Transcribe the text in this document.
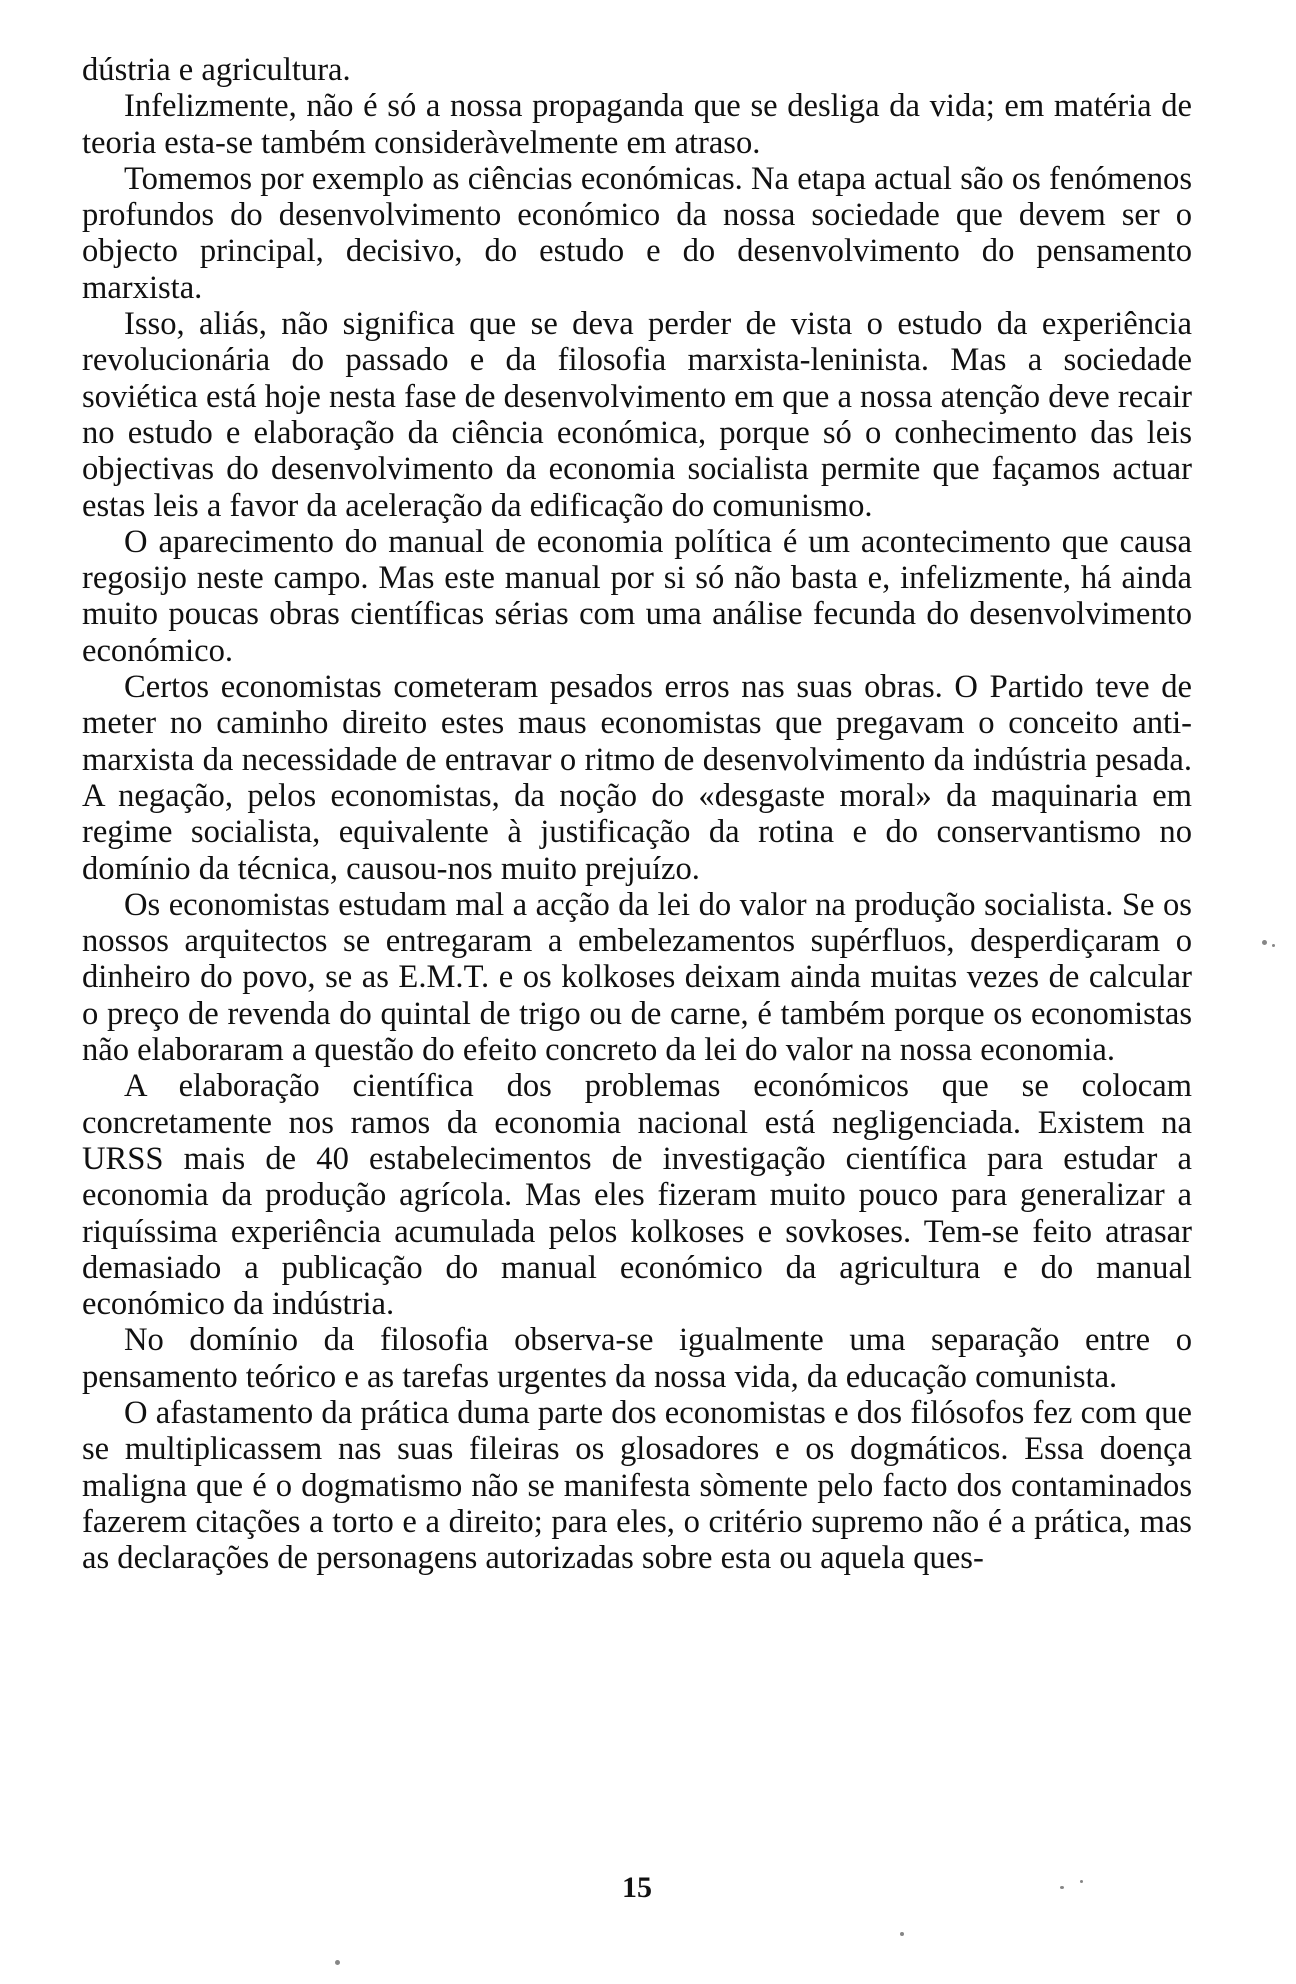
dústria e agricultura.

Infelizmente, não é só a nossa propaganda que se desliga da vida; em matéria de teoria esta-se também consideràvelmente em atraso.

Tomemos por exemplo as ciências económicas. Na etapa actual são os fenómenos profundos do desenvolvimento económico da nossa sociedade que devem ser o objecto principal, decisivo, do estudo e do desenvolvimento do pensamento marxista.

Isso, aliás, não significa que se deva perder de vista o estudo da experiência revolucionária do passado e da filosofia marxista-leninista. Mas a sociedade soviética está hoje nesta fase de desenvolvimento em que a nossa atenção deve recair no estudo e elaboração da ciência económica, porque só o conhecimento das leis objectivas do desenvolvimento da economia socialista permite que façamos actuar estas leis a favor da aceleração da edificação do comunismo.

O aparecimento do manual de economia política é um acontecimento que causa regosijo neste campo. Mas este manual por si só não basta e, infelizmente, há ainda muito poucas obras científicas sérias com uma análise fecunda do desenvolvimento económico.

Certos economistas cometeram pesados erros nas suas obras. O Partido teve de meter no caminho direito estes maus economistas que pregavam o conceito anti-marxista da necessidade de entravar o ritmo de desenvolvimento da indústria pesada. A negação, pelos economistas, da noção do «desgaste moral» da maquinaria em regime socialista, equivalente à justificação da rotina e do conservantismo no domínio da técnica, causou-nos muito prejuízo.

Os economistas estudam mal a acção da lei do valor na produção socialista. Se os nossos arquitectos se entregaram a embelezamentos supérfluos, desperdiçaram o dinheiro do povo, se as E.M.T. e os kolkoses deixam ainda muitas vezes de calcular o preço de revenda do quintal de trigo ou de carne, é também porque os economistas não elaboraram a questão do efeito concreto da lei do valor na nossa economia.

A elaboração científica dos problemas económicos que se colocam concretamente nos ramos da economia nacional está negligenciada. Existem na URSS mais de 40 estabelecimentos de investigação científica para estudar a economia da produção agrícola. Mas eles fizeram muito pouco para generalizar a riquíssima experiência acumulada pelos kolkoses e sovkoses. Tem-se feito atrasar demasiado a publicação do manual económico da agricultura e do manual económico da indústria.

No domínio da filosofia observa-se igualmente uma separação entre o pensamento teórico e as tarefas urgentes da nossa vida, da educação comunista.

O afastamento da prática duma parte dos economistas e dos filósofos fez com que se multiplicassem nas suas fileiras os glosadores e os dogmáticos. Essa doença maligna que é o dogmatismo não se manifesta sòmente pelo facto dos contaminados fazerem citações a torto e a direito; para eles, o critério supremo não é a prática, mas as declarações de personagens autorizadas sobre esta ou aquela ques-

15
